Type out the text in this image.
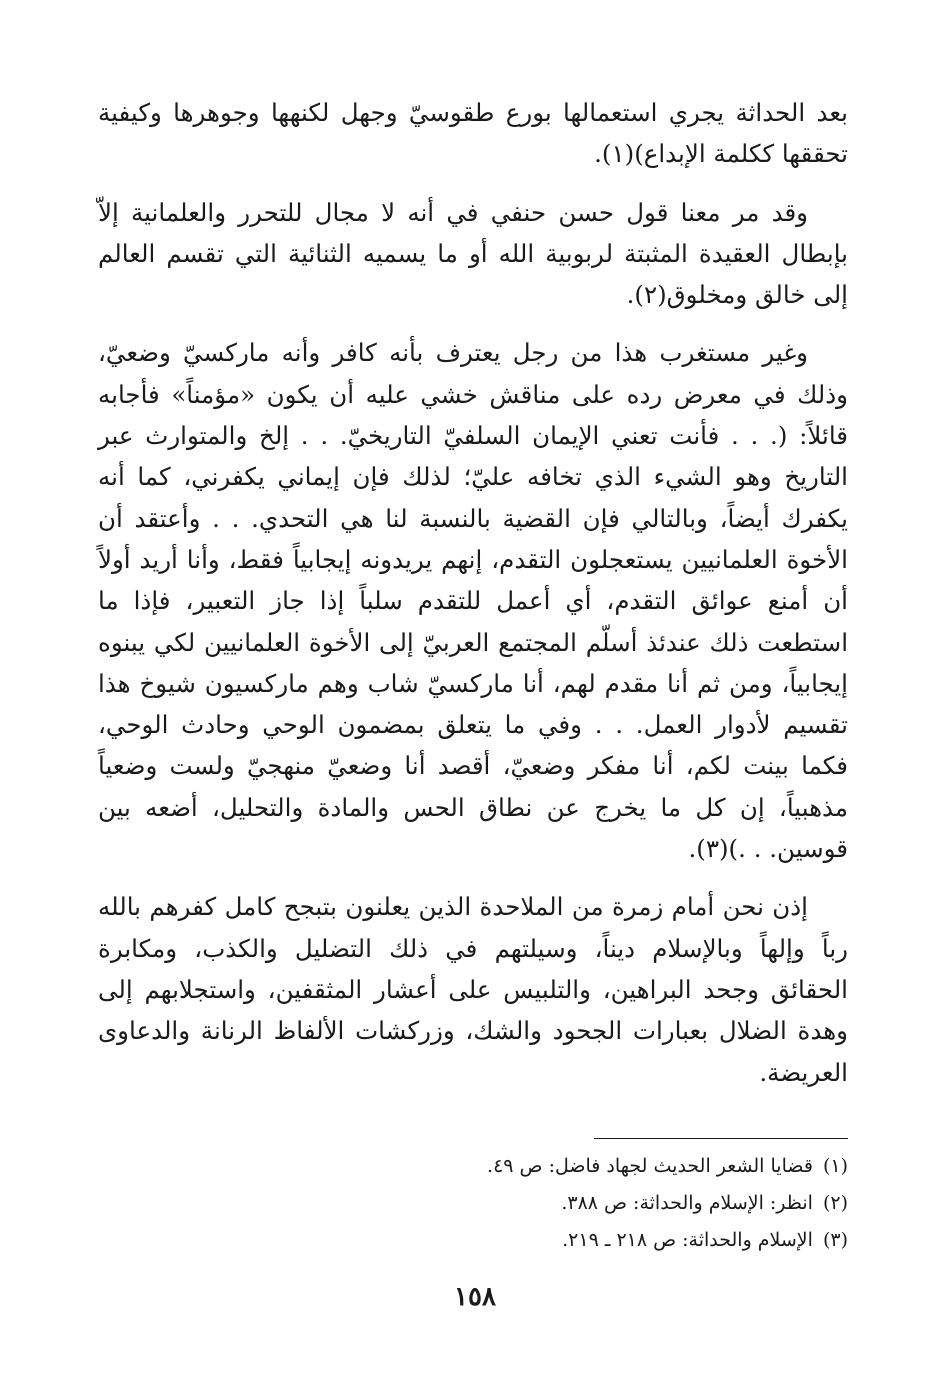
بعد الحداثة يجري استعمالها بورع طقوسيّ وجهل لكنهها وجوهرها وكيفية تحققها ككلمة الإبداع)(١).

وقد مر معنا قول حسن حنفي في أنه لا مجال للتحرر والعلمانية إلاّ بإبطال العقيدة المثبتة لربوبية الله أو ما يسميه الثنائية التي تقسم العالم إلى خالق ومخلوق(٢).

وغير مستغرب هذا من رجل يعترف بأنه كافر وأنه ماركسيّ وضعيّ، وذلك في معرض رده على مناقش خشي عليه أن يكون «مؤمناً» فأجابه قائلاً: (. . . فأنت تعني الإيمان السلفيّ التاريخيّ. . . إلخ والمتوارث عبر التاريخ وهو الشيء الذي تخافه عليّ؛ لذلك فإن إيماني يكفرني، كما أنه يكفرك أيضاً، وبالتالي فإن القضية بالنسبة لنا هي التحدي. . . وأعتقد أن الأخوة العلمانيين يستعجلون التقدم، إنهم يريدونه إيجابياً فقط، وأنا أريد أولاً أن أمنع عوائق التقدم، أي أعمل للتقدم سلباً إذا جاز التعبير، فإذا ما استطعت ذلك عندئذ أسلّم المجتمع العربيّ إلى الأخوة العلمانيين لكي يبنوه إيجابياً، ومن ثم أنا مقدم لهم، أنا ماركسيّ شاب وهم ماركسيون شيوخ هذا تقسيم لأدوار العمل. . . وفي ما يتعلق بمضمون الوحي وحادث الوحي، فكما بينت لكم، أنا مفكر وضعيّ، أقصد أنا وضعيّ منهجيّ ولست وضعياً مذهبياً، إن كل ما يخرج عن نطاق الحس والمادة والتحليل، أضعه بين قوسين. . .)(٣).

إذن نحن أمام زمرة من الملاحدة الذين يعلنون بتبجح كامل كفرهم بالله رباً وإلهاً وبالإسلام ديناً، وسيلتهم في ذلك التضليل والكذب، ومكابرة الحقائق وجحد البراهين، والتلبيس على أعشار المثقفين، واستجلابهم إلى وهدة الضلال بعبارات الجحود والشك، وزركشات الألفاظ الرنانة والدعاوى العريضة.

(١)قضايا الشعر الحديث لجهاد فاضل: ص ٤٩.

(٢)انظر: الإسلام والحداثة: ص ٣٨٨.

(٣)الإسلام والحداثة: ص ٢١٨ ـ ٢١٩.

١٥٨
